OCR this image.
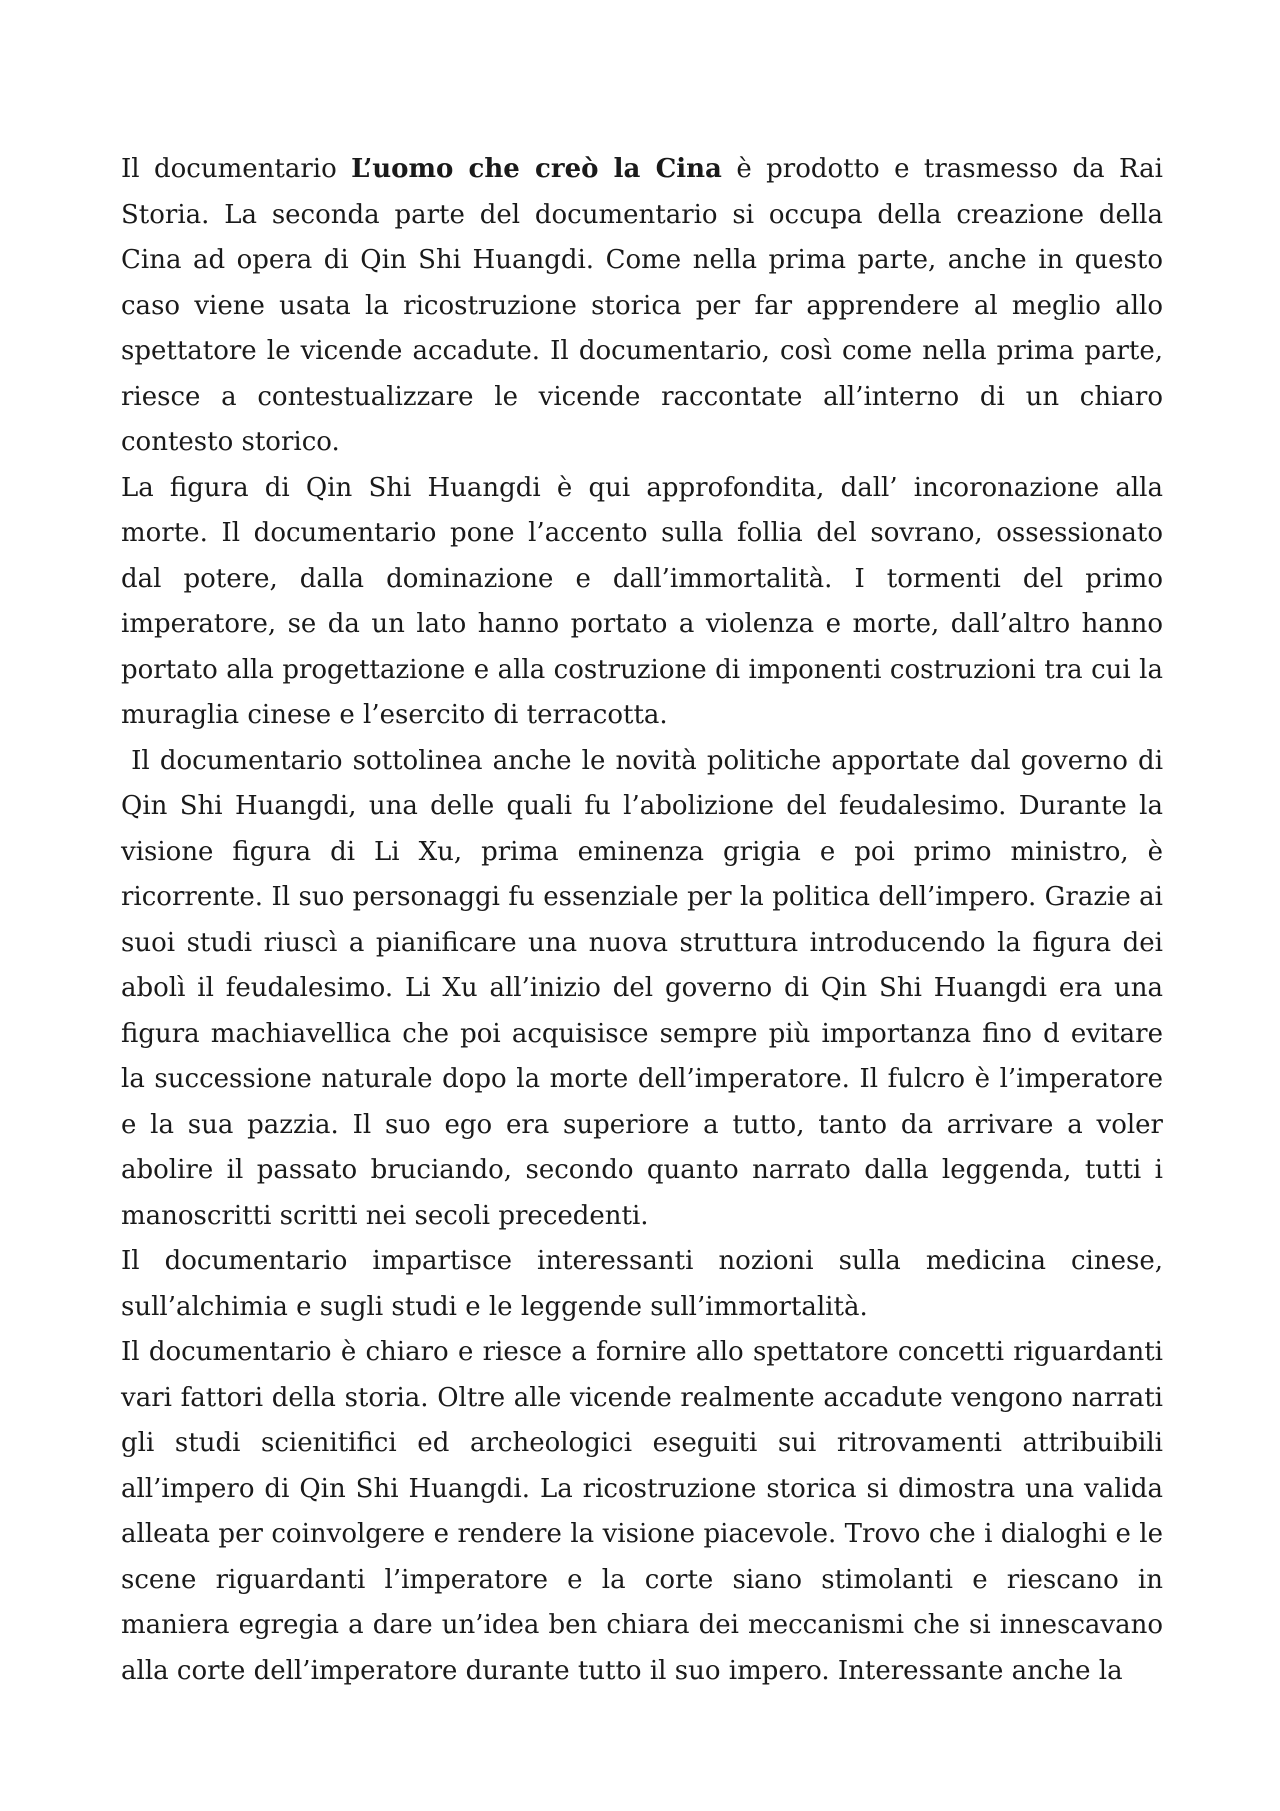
Il documentario L’uomo che creò la Cina è prodotto e trasmesso da Rai Storia. La seconda parte del documentario si occupa della creazione della Cina ad opera di Qin Shi Huangdi. Come nella prima parte, anche in questo caso viene usata la ricostruzione storica per far apprendere al meglio allo spettatore le vicende accadute. Il documentario, così come nella prima parte, riesce a contestualizzare le vicende raccontate all’interno di un chiaro contesto storico.

La figura di Qin Shi Huangdi è qui approfondita, dall’ incoronazione alla morte. Il documentario pone l’accento sulla follia del sovrano, ossessionato dal potere, dalla dominazione e dall’immortalità. I tormenti del primo imperatore, se da un lato hanno portato a violenza e morte, dall’altro hanno portato alla progettazione e alla costruzione di imponenti costruzioni tra cui la muraglia cinese e l’esercito di terracotta.

Il documentario sottolinea anche le novità politiche apportate dal governo di Qin Shi Huangdi, una delle quali fu l’abolizione del feudalesimo. Durante la visione figura di Li Xu, prima eminenza grigia e poi primo ministro, è ricorrente. Il suo personaggi fu essenziale per la politica dell’impero. Grazie ai suoi studi riuscì a pianificare una nuova struttura introducendo la figura dei abolì il feudalesimo. Li Xu all’inizio del governo di Qin Shi Huangdi era una figura machiavellica che poi acquisisce sempre più importanza fino d evitare la successione naturale dopo la morte dell’imperatore. Il fulcro è l’imperatore e la sua pazzia. Il suo ego era superiore a tutto, tanto da arrivare a voler abolire il passato bruciando, secondo quanto narrato dalla leggenda, tutti i manoscritti scritti nei secoli precedenti.

Il documentario impartisce interessanti nozioni sulla medicina cinese, sull’alchimia e sugli studi e le leggende sull’immortalità.

Il documentario è chiaro e riesce a fornire allo spettatore concetti riguardanti vari fattori della storia. Oltre alle vicende realmente accadute vengono narrati gli studi scienitifici ed archeologici eseguiti sui ritrovamenti attribuibili all’impero di Qin Shi Huangdi. La ricostruzione storica si dimostra una valida alleata per coinvolgere e rendere la visione piacevole. Trovo che i dialoghi e le scene riguardanti l’imperatore e la corte siano stimolanti e riescano in maniera egregia a dare un’idea ben chiara dei meccanismi che si innescavano alla corte dell’imperatore durante tutto il suo impero. Interessante anche la
